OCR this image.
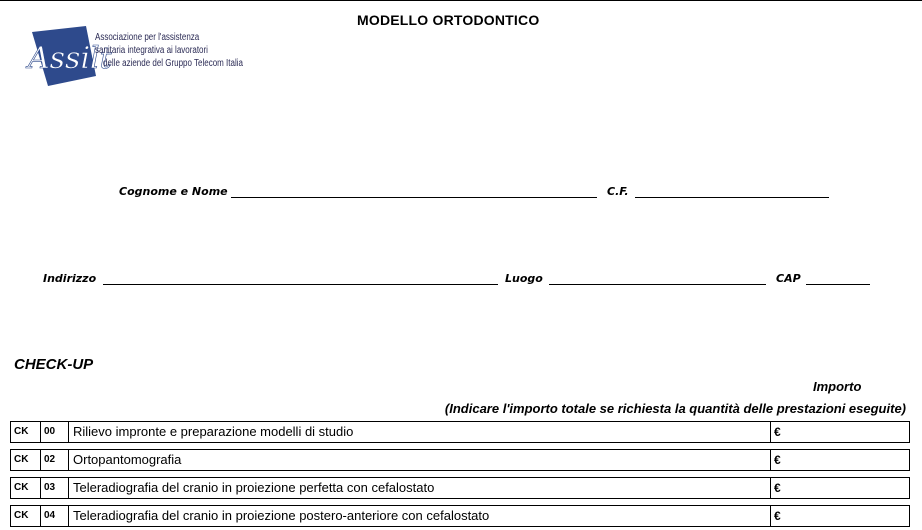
MODELLO ORTODONTICO
Assilt
Associazione per l'assistenza
sanitaria integrativa ai lavoratori
delle aziende del Gruppo Telecom Italia
Cognome e Nome	C.F.
Indirizzo	Luogo	CAP
CHECK-UP
Importo
(Indicare l'importo totale se richiesta la quantità delle prestazioni eseguite)
CK	00	Rilievo impronte e preparazione modelli di studio	€
CK	02	Ortopantomografia	€
CK	03	Teleradiografia del cranio in proiezione perfetta con cefalostato	€
CK	04	Teleradiografia del cranio in proiezione postero-anteriore con cefalostato	€
